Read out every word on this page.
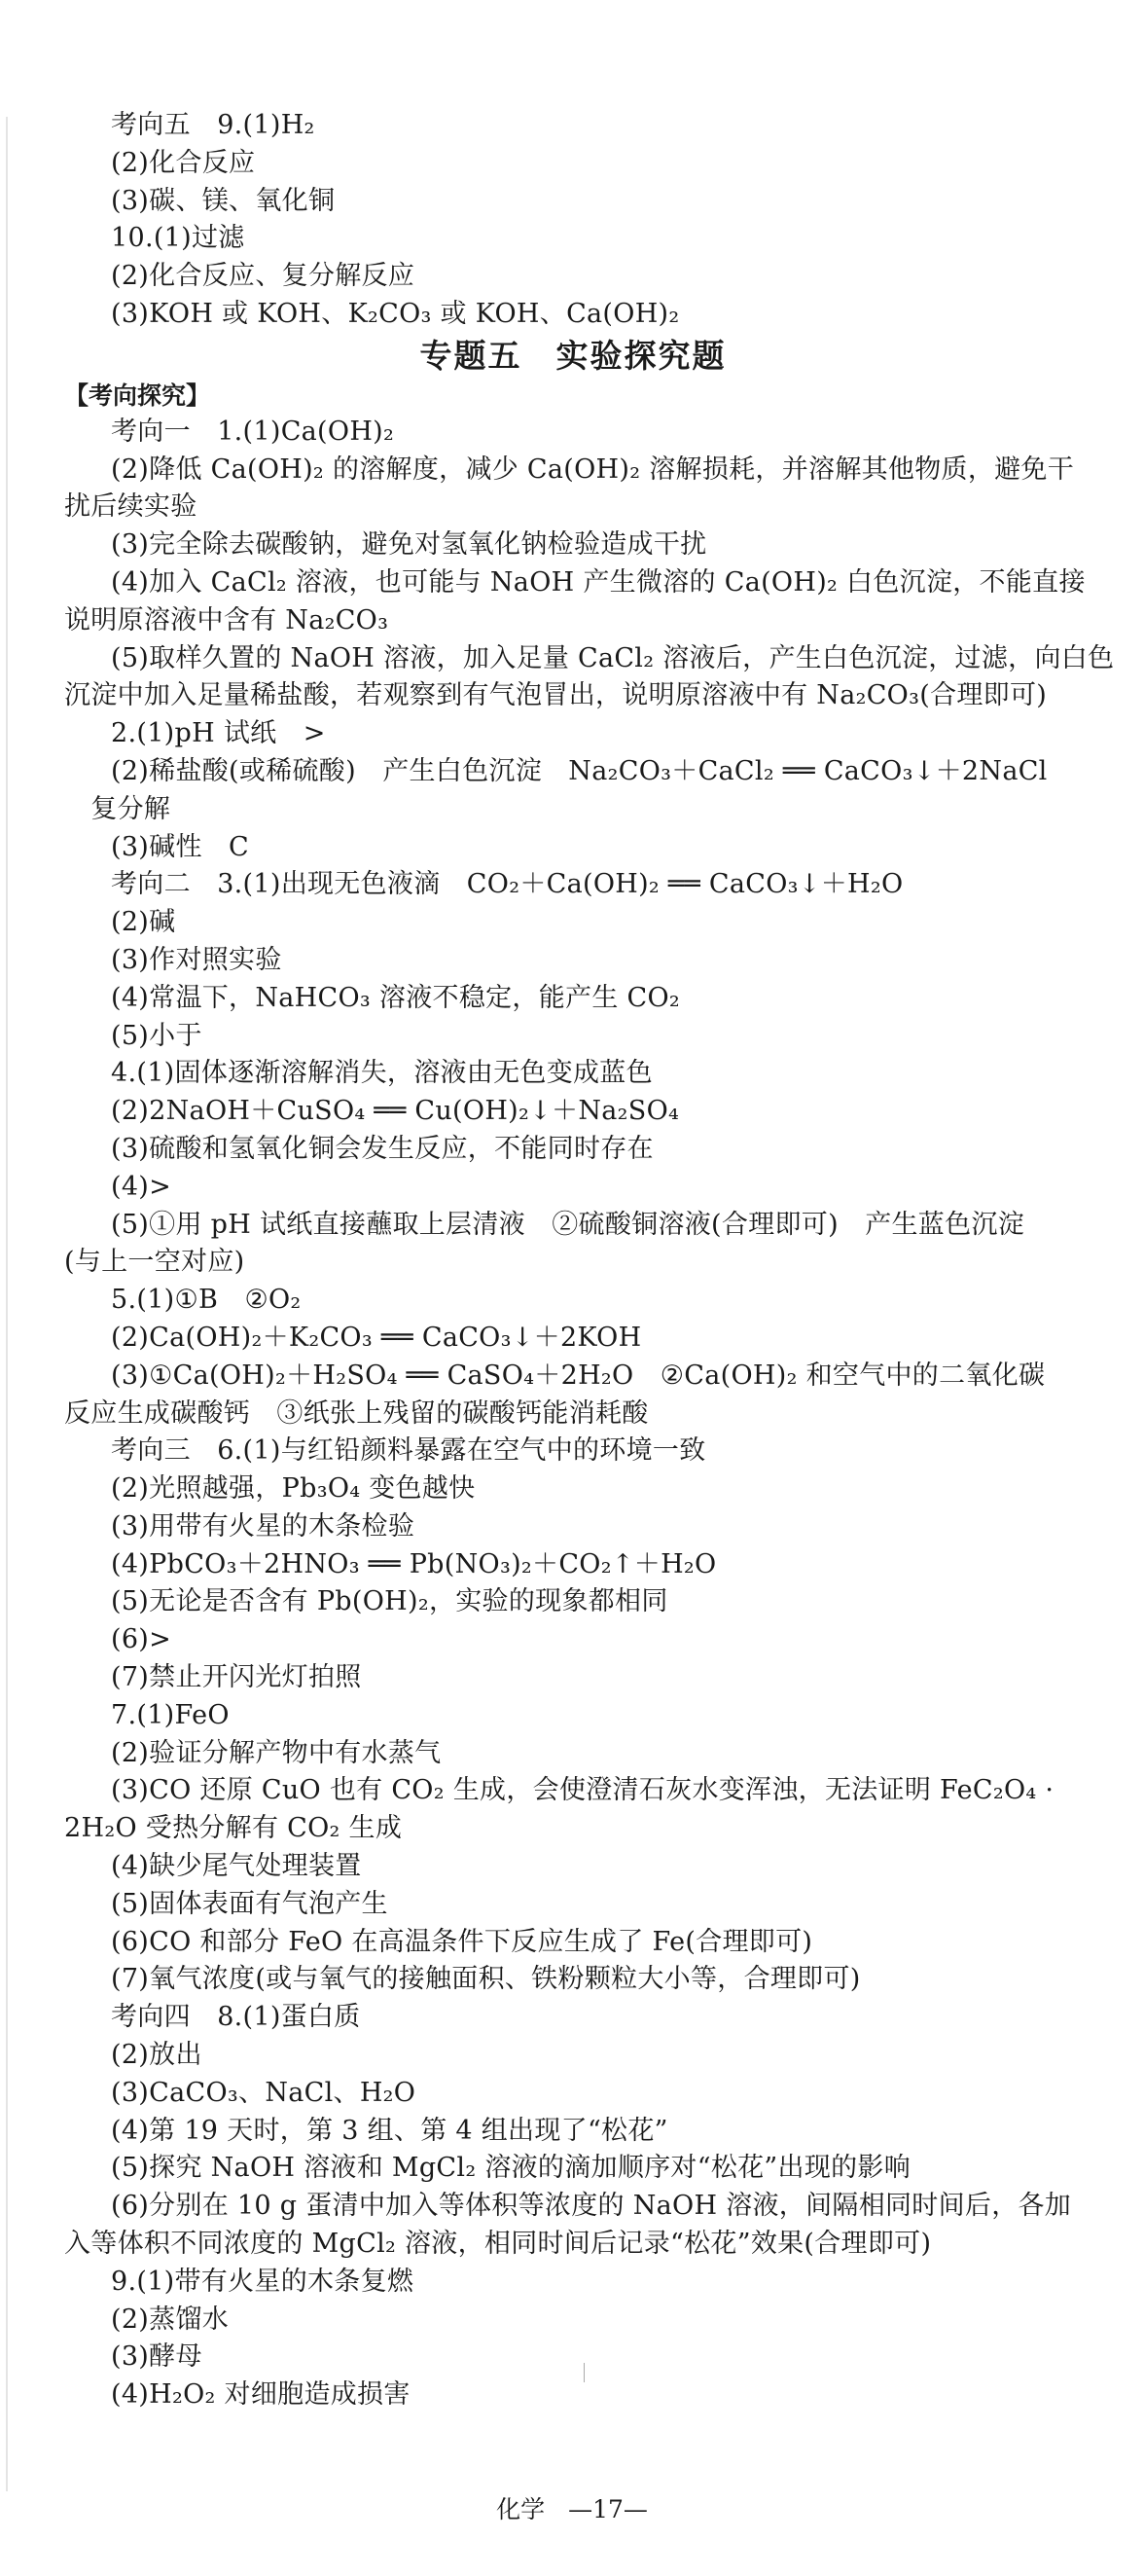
考向五　9.(1)H₂
(2)化合反应
(3)碳、镁、氧化铜
10.(1)过滤
(2)化合反应、复分解反应
(3)KOH 或 KOH、K₂CO₃ 或 KOH、Ca(OH)₂
专题五　实验探究题
【考向探究】
考向一　1.(1)Ca(OH)₂
(2)降低 Ca(OH)₂ 的溶解度，减少 Ca(OH)₂ 溶解损耗，并溶解其他物质，避免干
扰后续实验
(3)完全除去碳酸钠，避免对氢氧化钠检验造成干扰
(4)加入 CaCl₂ 溶液，也可能与 NaOH 产生微溶的 Ca(OH)₂ 白色沉淀，不能直接
说明原溶液中含有 Na₂CO₃
(5)取样久置的 NaOH 溶液，加入足量 CaCl₂ 溶液后，产生白色沉淀，过滤，向白色
沉淀中加入足量稀盐酸，若观察到有气泡冒出，说明原溶液中有 Na₂CO₃(合理即可)
2.(1)pH 试纸　>
(2)稀盐酸(或稀硫酸)　产生白色沉淀　Na₂CO₃＋CaCl₂ ══ CaCO₃↓＋2NaCl
　复分解
(3)碱性　C
考向二　3.(1)出现无色液滴　CO₂＋Ca(OH)₂ ══ CaCO₃↓＋H₂O
(2)碱
(3)作对照实验
(4)常温下，NaHCO₃ 溶液不稳定，能产生 CO₂
(5)小于
4.(1)固体逐渐溶解消失，溶液由无色变成蓝色
(2)2NaOH＋CuSO₄ ══ Cu(OH)₂↓＋Na₂SO₄
(3)硫酸和氢氧化铜会发生反应，不能同时存在
(4)>
(5)①用 pH 试纸直接蘸取上层清液　②硫酸铜溶液(合理即可)　产生蓝色沉淀
(与上一空对应)
5.(1)①B　②O₂
(2)Ca(OH)₂＋K₂CO₃ ══ CaCO₃↓＋2KOH
(3)①Ca(OH)₂＋H₂SO₄ ══ CaSO₄＋2H₂O　②Ca(OH)₂ 和空气中的二氧化碳
反应生成碳酸钙　③纸张上残留的碳酸钙能消耗酸
考向三　6.(1)与红铅颜料暴露在空气中的环境一致
(2)光照越强，Pb₃O₄ 变色越快
(3)用带有火星的木条检验
(4)PbCO₃＋2HNO₃ ══ Pb(NO₃)₂＋CO₂↑＋H₂O
(5)无论是否含有 Pb(OH)₂，实验的现象都相同
(6)>
(7)禁止开闪光灯拍照
7.(1)FeO
(2)验证分解产物中有水蒸气
(3)CO 还原 CuO 也有 CO₂ 生成，会使澄清石灰水变浑浊，无法证明 FeC₂O₄ ·
2H₂O 受热分解有 CO₂ 生成
(4)缺少尾气处理装置
(5)固体表面有气泡产生
(6)CO 和部分 FeO 在高温条件下反应生成了 Fe(合理即可)
(7)氧气浓度(或与氧气的接触面积、铁粉颗粒大小等，合理即可)
考向四　8.(1)蛋白质
(2)放出
(3)CaCO₃、NaCl、H₂O
(4)第 19 天时，第 3 组、第 4 组出现了“松花”
(5)探究 NaOH 溶液和 MgCl₂ 溶液的滴加顺序对“松花”出现的影响
(6)分别在 10 g 蛋清中加入等体积等浓度的 NaOH 溶液，间隔相同时间后，各加
入等体积不同浓度的 MgCl₂ 溶液，相同时间后记录“松花”效果(合理即可)
9.(1)带有火星的木条复燃
(2)蒸馏水
(3)酵母
(4)H₂O₂ 对细胞造成损害
化学 —17—
